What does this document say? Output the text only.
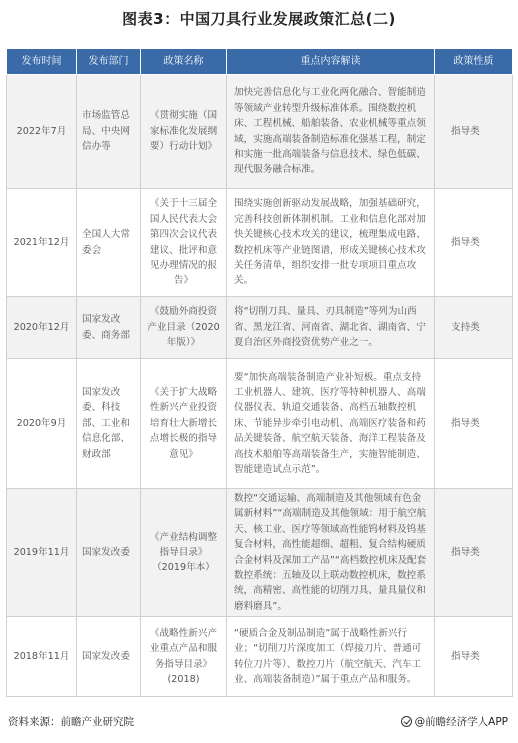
图表3：中国刀具行业发展政策汇总(二)
发布时间	发布部门	政策名称	重点内容解读	政策性质
2022年7月	市场监管总局、中央网信办等	《贯彻实施（国家标准化发展纲要）行动计划》	加快完善信息化与工业化两化融合、智能制造等领域产业转型升级标准体系。围绕数控机床、工程机械、船舶装备、农业机械等重点领域，实施高端装备制造标准化强基工程，制定和实施一批高端装备与信息技术、绿色低碳、现代服务融合标准。	指导类
2021年12月	全国人大常委会	《关于十三届全国人民代表大会第四次会议代表建议、批评和意见办理情况的报告》	围绕实施创新驱动发展战略，加强基础研究，完善科技创新体制机制。工业和信息化部对加快关键核心技术攻关的建议，梳理集成电路、数控机床等产业链图谱，形成关键核心技术攻关任务清单，组织安排一批专项项目重点攻关。	指导类
2020年12月	国家发改委、商务部	《鼓励外商投资产业目录（2020年版）》	将“切削刀具、量具、刃具制造”等列为山西省、黑龙江省、河南省、湖北省、湖南省、宁夏自治区外商投资优势产业之一。	支持类
2020年9月	国家发改委、科技部、工业和信息化部、财政部	《关于扩大战略性新兴产业投资培育壮大新增长点增长极的指导意见》	要“加快高端装备制造产业补短板。重点支持工业机器人、建筑、医疗等特种机器人、高端仪器仪表、轨道交通装备、高档五轴数控机床、节能异步牵引电动机、高端医疗装备和药品关键装备、航空航天装备、海洋工程装备及高技术船舶等高端装备生产，实施智能制造、智能建造试点示范”。	指导类
2019年11月	国家发改委	《产业结构调整指导目录》（2019年本）	数控“交通运输、高端制造及其他领域有色金属新材料”“高端制造及其他领域：用于航空航天、核工业、医疗等领域高性能钨材料及钨基复合材料，高性能超细、超粗、复合结构硬质合金材料及深加工产品”“高档数控机床及配套数控系统：五轴及以上联动数控机床，数控系统，高精密、高性能的切削刀具、量具量仪和磨料磨具”。	指导类
2018年11月	国家发改委	《战略性新兴产业重点产品和服务指导目录》(2018)	“硬质合金及制品制造”属于战略性新兴行业；“切削刀片深度加工（焊接刀片、普通可转位刀片等）、数控刀片（航空航天、汽车工业、高端装备制造）”属于重点产品和服务。	指导类
资料来源：前瞻产业研究院	@前瞻经济学人APP
